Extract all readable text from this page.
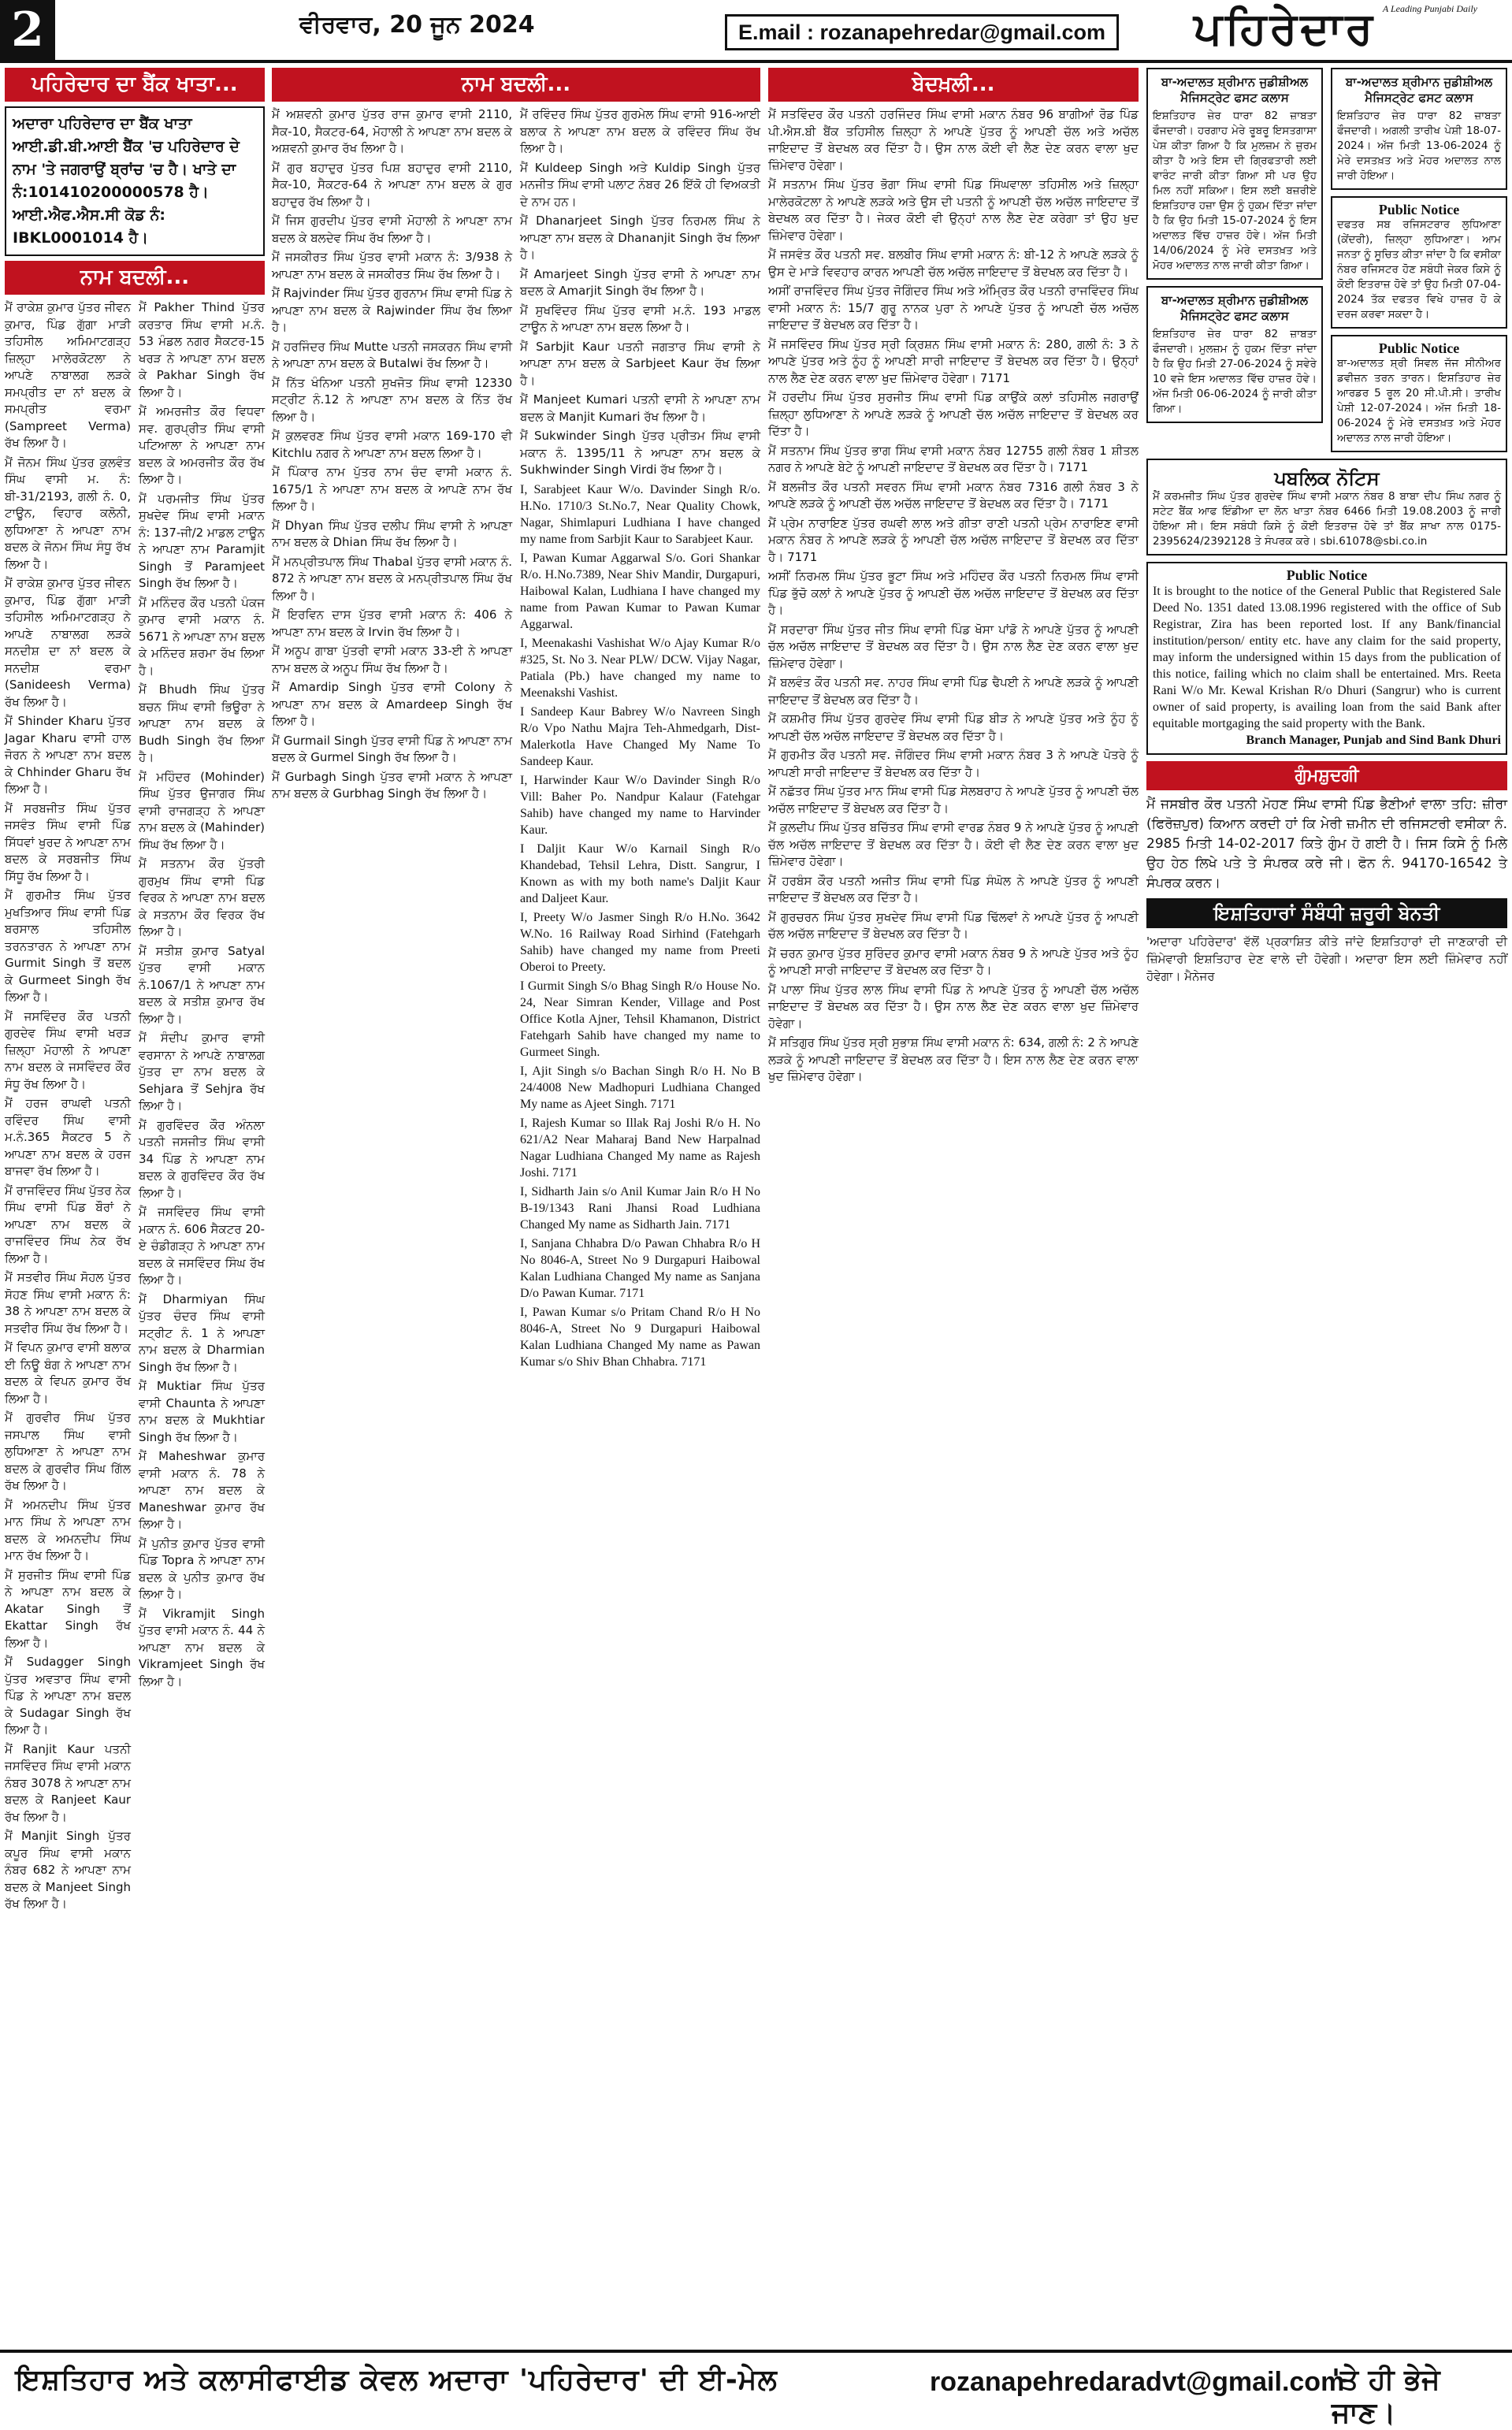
2	ਵੀਰਵਾਰ, 20 ਜੂਨ 2024	E.mail : rozanapehredar@gmail.com
A Leading Punjabi Daily
ਪਹਿਰੇਦਾਰ
ਪਹਿਰੇਦਾਰ ਦਾ ਬੈਂਕ ਖਾਤਾ...
ਅਦਾਰਾ ਪਹਿਰੇਦਾਰ ਦਾ ਬੈਂਕ ਖਾਤਾ ਆਈ.ਡੀ.ਬੀ.ਆਈ ਬੈਂਕ 'ਚ ਪਹਿਰੇਦਾਰ ਦੇ ਨਾਮ 'ਤੇ ਜਗਰਾਉਂ ਬ੍ਰਾਂਚ 'ਚ ਹੈ। ਖਾਤੇ ਦਾ ਨੰ:101410200000578 ਹੈ। ਆਈ.ਐਫ.ਐਸ.ਸੀ ਕੋਡ ਨੰ: IBKL0001014 ਹੈ।
ਨਾਮ ਬਦਲੀ...

ਮੈਂ ਰਾਕੇਸ਼ ਕੁਮਾਰ ਪੁੱਤਰ ਜੀਵਨ ਕੁਮਾਰ, ਪਿੰਡ ਗੁੱਗਾ ਮਾੜੀ ਤਹਿਸੀਲ ਅਮਿਮਾਟਗੜ੍ਹ ਜ਼ਿਲ੍ਹਾ ਮਾਲੇਰਕੋਟਲਾ ਨੇ ਆਪਣੇ ਨਾਬਾਲਗ ਲੜਕੇ ਸਮਪ੍ਰੀਤ ਦਾ ਨਾਂ ਬਦਲ ਕੇ ਸਮਪ੍ਰੀਤ ਵਰਮਾ (Sampreet Verma) ਰੱਖ ਲਿਆ ਹੈ।

ਮੈਂ ਜੋਨਮ ਸਿੰਘ ਪੁੱਤਰ ਕੁਲਵੰਤ ਸਿੰਘ ਵਾਸੀ ਮ. ਨੰ: ਬੀ-31/2193, ਗਲੀ ਨੰ. 0, ਟਾਊਨ, ਵਿਹਾਰ ਕਲੋਨੀ, ਲੁਧਿਆਣਾ ਨੇ ਆਪਣਾ ਨਾਮ ਬਦਲ ਕੇ ਜੋਨਮ ਸਿੰਘ ਸੰਧੂ ਰੱਖ ਲਿਆ ਹੈ।

ਮੈਂ ਰਾਕੇਸ਼ ਕੁਮਾਰ ਪੁੱਤਰ ਜੀਵਨ ਕੁਮਾਰ, ਪਿੰਡ ਗੁੱਗਾ ਮਾੜੀ ਤਹਿਸੀਲ ਅਮਿਮਾਟਗੜ੍ਹ ਨੇ ਆਪਣੇ ਨਾਬਾਲਗ ਲੜਕੇ ਸਨਦੀਸ਼ ਦਾ ਨਾਂ ਬਦਲ ਕੇ ਸਨਦੀਸ਼ ਵਰਮਾ (Sanideesh Verma) ਰੱਖ ਲਿਆ ਹੈ।

ਮੈਂ Shinder Kharu ਪੁੱਤਰ Jagar Kharu ਵਾਸੀ ਹਾਲ ਜੋਰਨ ਨੇ ਆਪਣਾ ਨਾਮ ਬਦਲ ਕੇ Chhinder Gharu ਰੱਖ ਲਿਆ ਹੈ।

ਮੈਂ ਸਰਬਜੀਤ ਸਿੰਘ ਪੁੱਤਰ ਜਸਵੰਤ ਸਿੰਘ ਵਾਸੀ ਪਿੰਡ ਸਿੱਧਵਾਂ ਖੁਰਦ ਨੇ ਆਪਣਾ ਨਾਮ ਬਦਲ ਕੇ ਸਰਬਜੀਤ ਸਿੰਘ ਸਿੱਧੂ ਰੱਖ ਲਿਆ ਹੈ।

ਮੈਂ ਗੁਰਮੀਤ ਸਿੰਘ ਪੁੱਤਰ ਮੁਖਤਿਆਰ ਸਿੰਘ ਵਾਸੀ ਪਿੰਡ ਬਰਸਾਲ ਤਹਿਸੀਲ ਤਰਨਤਾਰਨ ਨੇ ਆਪਣਾ ਨਾਮ Gurmit Singh ਤੋਂ ਬਦਲ ਕੇ Gurmeet Singh ਰੱਖ ਲਿਆ ਹੈ।

ਮੈਂ ਜਸਵਿੰਦਰ ਕੌਰ ਪਤਨੀ ਗੁਰਦੇਵ ਸਿੰਘ ਵਾਸੀ ਖਰੜ ਜ਼ਿਲ੍ਹਾ ਮੋਹਾਲੀ ਨੇ ਆਪਣਾ ਨਾਮ ਬਦਲ ਕੇ ਜਸਵਿੰਦਰ ਕੌਰ ਸੰਧੂ ਰੱਖ ਲਿਆ ਹੈ।

ਮੈਂ ਹਰਜ ਰਾਘਵੀ ਪਤਨੀ ਰਵਿੰਦਰ ਸਿੰਘ ਵਾਸੀ ਮ.ਨੰ.365 ਸੈਕਟਰ 5 ਨੇ ਆਪਣਾ ਨਾਮ ਬਦਲ ਕੇ ਹਰਜ ਬਾਜਵਾ ਰੱਖ ਲਿਆ ਹੈ।

ਮੈਂ ਰਾਜਵਿੰਦਰ ਸਿੰਘ ਪੁੱਤਰ ਨੇਕ ਸਿੰਘ ਵਾਸੀ ਪਿੰਡ ਬੌਰਾਂ ਨੇ ਆਪਣਾ ਨਾਮ ਬਦਲ ਕੇ ਰਾਜਵਿੰਦਰ ਸਿੰਘ ਨੇਕ ਰੱਖ ਲਿਆ ਹੈ।

ਮੈਂ ਸਤਵੀਰ ਸਿੰਘ ਸੋਹਲ ਪੁੱਤਰ ਸੋਹਣ ਸਿੰਘ ਵਾਸੀ ਮਕਾਨ ਨੰ: 38 ਨੇ ਆਪਣਾ ਨਾਮ ਬਦਲ ਕੇ ਸਤਵੀਰ ਸਿੰਘ ਰੱਖ ਲਿਆ ਹੈ।

ਮੈਂ ਵਿਪਨ ਕੁਮਾਰ ਵਾਸੀ ਬਲਾਕ ਈ ਨਿਊ ਬੰਗ ਨੇ ਆਪਣਾ ਨਾਮ ਬਦਲ ਕੇ ਵਿਪਨ ਕੁਮਾਰ ਰੱਖ ਲਿਆ ਹੈ।

ਮੈਂ ਗੁਰਵੀਰ ਸਿੰਘ ਪੁੱਤਰ ਜਸਪਾਲ ਸਿੰਘ ਵਾਸੀ ਲੁਧਿਆਣਾ ਨੇ ਆਪਣਾ ਨਾਮ ਬਦਲ ਕੇ ਗੁਰਵੀਰ ਸਿੰਘ ਗਿੱਲ ਰੱਖ ਲਿਆ ਹੈ।

ਮੈਂ ਅਮਨਦੀਪ ਸਿੰਘ ਪੁੱਤਰ ਮਾਨ ਸਿੰਘ ਨੇ ਆਪਣਾ ਨਾਮ ਬਦਲ ਕੇ ਅਮਨਦੀਪ ਸਿੰਘ ਮਾਨ ਰੱਖ ਲਿਆ ਹੈ।

ਮੈਂ ਸੁਰਜੀਤ ਸਿੰਘ ਵਾਸੀ ਪਿੰਡ ਨੇ ਆਪਣਾ ਨਾਮ ਬਦਲ ਕੇ Akatar Singh ਤੋਂ Ekattar Singh ਰੱਖ ਲਿਆ ਹੈ।

ਮੈਂ Sudagger Singh ਪੁੱਤਰ ਅਵਤਾਰ ਸਿੰਘ ਵਾਸੀ ਪਿੰਡ ਨੇ ਆਪਣਾ ਨਾਮ ਬਦਲ ਕੇ Sudagar Singh ਰੱਖ ਲਿਆ ਹੈ।

ਮੈਂ Ranjit Kaur ਪਤਨੀ ਜਸਵਿੰਦਰ ਸਿੰਘ ਵਾਸੀ ਮਕਾਨ ਨੰਬਰ 3078 ਨੇ ਆਪਣਾ ਨਾਮ ਬਦਲ ਕੇ Ranjeet Kaur ਰੱਖ ਲਿਆ ਹੈ।

ਮੈਂ Manjit Singh ਪੁੱਤਰ ਕਪੂਰ ਸਿੰਘ ਵਾਸੀ ਮਕਾਨ ਨੰਬਰ 682 ਨੇ ਆਪਣਾ ਨਾਮ ਬਦਲ ਕੇ Manjeet Singh ਰੱਖ ਲਿਆ ਹੈ।

ਮੈਂ Pakher Thind ਪੁੱਤਰ ਕਰਤਾਰ ਸਿੰਘ ਵਾਸੀ ਮ.ਨੰ. 53 ਮੰਡਲ ਨਗਰ ਸੈਕਟਰ-15 ਖਰੜ ਨੇ ਆਪਣਾ ਨਾਮ ਬਦਲ ਕੇ Pakhar Singh ਰੱਖ ਲਿਆ ਹੈ।

ਮੈਂ ਅਮਰਜੀਤ ਕੌਰ ਵਿਧਵਾ ਸਵ. ਗੁਰਪ੍ਰੀਤ ਸਿੰਘ ਵਾਸੀ ਪਟਿਆਲਾ ਨੇ ਆਪਣਾ ਨਾਮ ਬਦਲ ਕੇ ਅਮਰਜੀਤ ਕੌਰ ਰੱਖ ਲਿਆ ਹੈ।

ਮੈਂ ਪਰਮਜੀਤ ਸਿੰਘ ਪੁੱਤਰ ਸੁਖਦੇਵ ਸਿੰਘ ਵਾਸੀ ਮਕਾਨ ਨੰ: 137-ਜੀ/2 ਮਾਡਲ ਟਾਊਨ ਨੇ ਆਪਣਾ ਨਾਮ Paramjit Singh ਤੋਂ Paramjeet Singh ਰੱਖ ਲਿਆ ਹੈ।

ਮੈਂ ਮਨਿੰਦਰ ਕੌਰ ਪਤਨੀ ਪੰਕਜ ਕੁਮਾਰ ਵਾਸੀ ਮਕਾਨ ਨੰ. 5671 ਨੇ ਆਪਣਾ ਨਾਮ ਬਦਲ ਕੇ ਮਨਿੰਦਰ ਸ਼ਰਮਾ ਰੱਖ ਲਿਆ ਹੈ।

ਮੈਂ Bhudh ਸਿੰਘ ਪੁੱਤਰ ਬਚਨ ਸਿੰਘ ਵਾਸੀ ਭਿਊਰਾ ਨੇ ਆਪਣਾ ਨਾਮ ਬਦਲ ਕੇ Budh Singh ਰੱਖ ਲਿਆ ਹੈ।

ਮੈਂ ਮਹਿੰਦਰ (Mohinder) ਸਿੰਘ ਪੁੱਤਰ ਉਜਾਗਰ ਸਿੰਘ ਵਾਸੀ ਰਾਜਗੜ੍ਹ ਨੇ ਆਪਣਾ ਨਾਮ ਬਦਲ ਕੇ (Mahinder) ਸਿੰਘ ਰੱਖ ਲਿਆ ਹੈ।

ਮੈਂ ਸਤਨਾਮ ਕੌਰ ਪੁੱਤਰੀ ਗੁਰਮੁਖ ਸਿੰਘ ਵਾਸੀ ਪਿੰਡ ਵਿਰਕ ਨੇ ਆਪਣਾ ਨਾਮ ਬਦਲ ਕੇ ਸਤਨਾਮ ਕੌਰ ਵਿਰਕ ਰੱਖ ਲਿਆ ਹੈ।

ਮੈਂ ਸਤੀਸ਼ ਕੁਮਾਰ Satyal ਪੁੱਤਰ ਵਾਸੀ ਮਕਾਨ ਨੰ.1067/1 ਨੇ ਆਪਣਾ ਨਾਮ ਬਦਲ ਕੇ ਸਤੀਸ਼ ਕੁਮਾਰ ਰੱਖ ਲਿਆ ਹੈ।

ਮੈਂ ਸੰਦੀਪ ਕੁਮਾਰ ਵਾਸੀ ਵਰਸਾਨਾ ਨੇ ਆਪਣੇ ਨਾਬਾਲਗ ਪੁੱਤਰ ਦਾ ਨਾਮ ਬਦਲ ਕੇ Sehjara ਤੋਂ Sehjra ਰੱਖ ਲਿਆ ਹੈ।

ਮੈਂ ਗੁਰਵਿੰਦਰ ਕੌਰ ਅੰਨਲਾ ਪਤਨੀ ਜਸਜੀਤ ਸਿੰਘ ਵਾਸੀ 34 ਪਿੰਡ ਨੇ ਆਪਣਾ ਨਾਮ ਬਦਲ ਕੇ ਗੁਰਵਿੰਦਰ ਕੌਰ ਰੱਖ ਲਿਆ ਹੈ।

ਮੈਂ ਜਸਵਿੰਦਰ ਸਿੰਘ ਵਾਸੀ ਮਕਾਨ ਨੰ. 606 ਸੈਕਟਰ 20-ਏ ਚੰਡੀਗੜ੍ਹ ਨੇ ਆਪਣਾ ਨਾਮ ਬਦਲ ਕੇ ਜਸਵਿੰਦਰ ਸਿੰਘ ਰੱਖ ਲਿਆ ਹੈ।

ਮੈਂ Dharmiyan ਸਿੰਘ ਪੁੱਤਰ ਚੰਦਰ ਸਿੰਘ ਵਾਸੀ ਸਟ੍ਰੀਟ ਨੰ. 1 ਨੇ ਆਪਣਾ ਨਾਮ ਬਦਲ ਕੇ Dharmian Singh ਰੱਖ ਲਿਆ ਹੈ।

ਮੈਂ Muktiar ਸਿੰਘ ਪੁੱਤਰ ਵਾਸੀ Chaunta ਨੇ ਆਪਣਾ ਨਾਮ ਬਦਲ ਕੇ Mukhtiar Singh ਰੱਖ ਲਿਆ ਹੈ।

ਮੈਂ Maheshwar ਕੁਮਾਰ ਵਾਸੀ ਮਕਾਨ ਨੰ. 78 ਨੇ ਆਪਣਾ ਨਾਮ ਬਦਲ ਕੇ Maneshwar ਕੁਮਾਰ ਰੱਖ ਲਿਆ ਹੈ।

ਮੈਂ ਪੁਨੀਤ ਕੁਮਾਰ ਪੁੱਤਰ ਵਾਸੀ ਪਿੰਡ Topra ਨੇ ਆਪਣਾ ਨਾਮ ਬਦਲ ਕੇ ਪੁਨੀਤ ਕੁਮਾਰ ਰੱਖ ਲਿਆ ਹੈ।

ਮੈਂ Vikramjit Singh ਪੁੱਤਰ ਵਾਸੀ ਮਕਾਨ ਨੰ. 44 ਨੇ ਆਪਣਾ ਨਾਮ ਬਦਲ ਕੇ Vikramjeet Singh ਰੱਖ ਲਿਆ ਹੈ।

ਨਾਮ ਬਦਲੀ...

ਮੈਂ ਅਸ਼ਵਨੀ ਕੁਮਾਰ ਪੁੱਤਰ ਰਾਜ ਕੁਮਾਰ ਵਾਸੀ 2110, ਸੈਕ-10, ਸੈਕਟਰ-64, ਮੋਹਾਲੀ ਨੇ ਆਪਣਾ ਨਾਮ ਬਦਲ ਕੇ ਅਸ਼ਵਨੀ ਕੁਮਾਰ ਰੱਖ ਲਿਆ ਹੈ।

ਮੈਂ ਗੁਰ ਬਹਾਦੁਰ ਪੁੱਤਰ ਪਿਸ਼ ਬਹਾਦੁਰ ਵਾਸੀ 2110, ਸੈਕ-10, ਸੈਕਟਰ-64 ਨੇ ਆਪਣਾ ਨਾਮ ਬਦਲ ਕੇ ਗੁਰ ਬਹਾਦੁਰ ਰੱਖ ਲਿਆ ਹੈ।

ਮੈਂ ਜਿਸ ਗੁਰਦੀਪ ਪੁੱਤਰ ਵਾਸੀ ਮੋਹਾਲੀ ਨੇ ਆਪਣਾ ਨਾਮ ਬਦਲ ਕੇ ਬਲਦੇਵ ਸਿੰਘ ਰੱਖ ਲਿਆ ਹੈ।

ਮੈਂ ਜਸਕੀਰਤ ਸਿੰਘ ਪੁੱਤਰ ਵਾਸੀ ਮਕਾਨ ਨੰ: 3/938 ਨੇ ਆਪਣਾ ਨਾਮ ਬਦਲ ਕੇ ਜਸਕੀਰਤ ਸਿੰਘ ਰੱਖ ਲਿਆ ਹੈ।

ਮੈਂ Rajvinder ਸਿੰਘ ਪੁੱਤਰ ਗੁਰਨਾਮ ਸਿੰਘ ਵਾਸੀ ਪਿੰਡ ਨੇ ਆਪਣਾ ਨਾਮ ਬਦਲ ਕੇ Rajwinder ਸਿੰਘ ਰੱਖ ਲਿਆ ਹੈ।

ਮੈਂ ਹਰਜਿੰਦਰ ਸਿੰਘ Mutte ਪਤਨੀ ਜਸਕਰਨ ਸਿੰਘ ਵਾਸੀ ਨੇ ਆਪਣਾ ਨਾਮ ਬਦਲ ਕੇ Butalwi ਰੱਖ ਲਿਆ ਹੈ।

ਮੈਂ ਨਿੱਤ ਖੰਨਿਆ ਪਤਨੀ ਸੁਖਜੋਤ ਸਿੰਘ ਵਾਸੀ 12330 ਸਟ੍ਰੀਟ ਨੰ.12 ਨੇ ਆਪਣਾ ਨਾਮ ਬਦਲ ਕੇ ਨਿੱਤ ਰੱਖ ਲਿਆ ਹੈ।

ਮੈਂ ਕੁਲਵਰਣ ਸਿੰਘ ਪੁੱਤਰ ਵਾਸੀ ਮਕਾਨ 169-170 ਵੀ Kitchlu ਨਗਰ ਨੇ ਆਪਣਾ ਨਾਮ ਬਦਲ ਲਿਆ ਹੈ।

ਮੈਂ ਪਿੰਕਾਰ ਨਾਮ ਪੁੱਤਰ ਨਾਮ ਚੰਦ ਵਾਸੀ ਮਕਾਨ ਨੰ. 1675/1 ਨੇ ਆਪਣਾ ਨਾਮ ਬਦਲ ਕੇ ਆਪਣੇ ਨਾਮ ਰੱਖ ਲਿਆ ਹੈ।

ਮੈਂ Dhyan ਸਿੰਘ ਪੁੱਤਰ ਦਲੀਪ ਸਿੰਘ ਵਾਸੀ ਨੇ ਆਪਣਾ ਨਾਮ ਬਦਲ ਕੇ Dhian ਸਿੰਘ ਰੱਖ ਲਿਆ ਹੈ।

ਮੈਂ ਮਨਪ੍ਰੀਤਪਾਲ ਸਿੰਘ Thabal ਪੁੱਤਰ ਵਾਸੀ ਮਕਾਨ ਨੰ. 872 ਨੇ ਆਪਣਾ ਨਾਮ ਬਦਲ ਕੇ ਮਨਪ੍ਰੀਤਪਾਲ ਸਿੰਘ ਰੱਖ ਲਿਆ ਹੈ।

ਮੈਂ ਇਰਵਿਨ ਦਾਸ ਪੁੱਤਰ ਵਾਸੀ ਮਕਾਨ ਨੰ: 406 ਨੇ ਆਪਣਾ ਨਾਮ ਬਦਲ ਕੇ Irvin ਰੱਖ ਲਿਆ ਹੈ।

ਮੈਂ ਅਨੂਪ ਗਾਬਾ ਪੁੱਤਰੀ ਵਾਸੀ ਮਕਾਨ 33-ਈ ਨੇ ਆਪਣਾ ਨਾਮ ਬਦਲ ਕੇ ਅਨੂਪ ਸਿੰਘ ਰੱਖ ਲਿਆ ਹੈ।

ਮੈਂ Amardip Singh ਪੁੱਤਰ ਵਾਸੀ Colony ਨੇ ਆਪਣਾ ਨਾਮ ਬਦਲ ਕੇ Amardeep Singh ਰੱਖ ਲਿਆ ਹੈ।

ਮੈਂ Gurmail Singh ਪੁੱਤਰ ਵਾਸੀ ਪਿੰਡ ਨੇ ਆਪਣਾ ਨਾਮ ਬਦਲ ਕੇ Gurmel Singh ਰੱਖ ਲਿਆ ਹੈ।

ਮੈਂ Gurbagh Singh ਪੁੱਤਰ ਵਾਸੀ ਮਕਾਨ ਨੇ ਆਪਣਾ ਨਾਮ ਬਦਲ ਕੇ Gurbhag Singh ਰੱਖ ਲਿਆ ਹੈ।

ਮੈਂ ਰਵਿੰਦਰ ਸਿੰਘ ਪੁੱਤਰ ਗੁਰਮੇਲ ਸਿੰਘ ਵਾਸੀ 916-ਆਈ ਬਲਾਕ ਨੇ ਆਪਣਾ ਨਾਮ ਬਦਲ ਕੇ ਰਵਿੰਦਰ ਸਿੰਘ ਰੱਖ ਲਿਆ ਹੈ।

ਮੈਂ Kuldeep Singh ਅਤੇ Kuldip Singh ਪੁੱਤਰ ਮਨਜੀਤ ਸਿੰਘ ਵਾਸੀ ਪਲਾਟ ਨੰਬਰ 26 ਇੱਕੋ ਹੀ ਵਿਅਕਤੀ ਦੇ ਨਾਮ ਹਨ।

ਮੈਂ Dhanarjeet Singh ਪੁੱਤਰ ਨਿਰਮਲ ਸਿੰਘ ਨੇ ਆਪਣਾ ਨਾਮ ਬਦਲ ਕੇ Dhananjit Singh ਰੱਖ ਲਿਆ ਹੈ।

ਮੈਂ Amarjeet Singh ਪੁੱਤਰ ਵਾਸੀ ਨੇ ਆਪਣਾ ਨਾਮ ਬਦਲ ਕੇ Amarjit Singh ਰੱਖ ਲਿਆ ਹੈ।

ਮੈਂ ਸੁਖਵਿੰਦਰ ਸਿੰਘ ਪੁੱਤਰ ਵਾਸੀ ਮ.ਨੰ. 193 ਮਾਡਲ ਟਾਊਨ ਨੇ ਆਪਣਾ ਨਾਮ ਬਦਲ ਲਿਆ ਹੈ।

ਮੈਂ Sarbjit Kaur ਪਤਨੀ ਜਗਤਾਰ ਸਿੰਘ ਵਾਸੀ ਨੇ ਆਪਣਾ ਨਾਮ ਬਦਲ ਕੇ Sarbjeet Kaur ਰੱਖ ਲਿਆ ਹੈ।

ਮੈਂ Manjeet Kumari ਪਤਨੀ ਵਾਸੀ ਨੇ ਆਪਣਾ ਨਾਮ ਬਦਲ ਕੇ Manjit Kumari ਰੱਖ ਲਿਆ ਹੈ।

ਮੈਂ Sukwinder Singh ਪੁੱਤਰ ਪ੍ਰੀਤਮ ਸਿੰਘ ਵਾਸੀ ਮਕਾਨ ਨੰ. 1395/11 ਨੇ ਆਪਣਾ ਨਾਮ ਬਦਲ ਕੇ Sukhwinder Singh Virdi ਰੱਖ ਲਿਆ ਹੈ।

I, Sarabjeet Kaur W/o. Davinder Singh R/o. H.No. 1710/3 St.No.7, Near Quality Chowk, Nagar, Shimlapuri Ludhiana I have changed my name from Sarbjit Kaur to Sarabjeet Kaur.

I, Pawan Kumar Aggarwal S/o. Gori Shankar R/o. H.No.7389, Near Shiv Mandir, Durgapuri, Haibowal Kalan, Ludhiana I have changed my name from Pawan Kumar to Pawan Kumar Aggarwal.

I, Meenakashi Vashishat W/o Ajay Kumar R/o #325, St. No 3. Near PLW/ DCW. Vijay Nagar, Patiala (Pb.) have changed my name to Meenakshi Vashist.

I Sandeep Kaur Babrey W/o Navreen Singh R/o Vpo Nathu Majra Teh-Ahmedgarh, Dist-Malerkotla Have Changed My Name To Sandeep Kaur.

I, Harwinder Kaur W/o Davinder Singh R/o Vill: Baher Po. Nandpur Kalaur (Fatehgar Sahib) have changed my name to Harvinder Kaur.

I Daljit Kaur W/o Karnail Singh R/o Khandebad, Tehsil Lehra, Distt. Sangrur, I Known as with my both name's Daljit Kaur and Daljeet Kaur.

I, Preety W/o Jasmer Singh R/o H.No. 3642 W.No. 16 Railway Road Sirhind (Fatehgarh Sahib) have changed my name from Preeti Oberoi to Preety.

I Gurmit Singh S/o Bhag Singh R/o House No. 24, Near Simran Kender, Village and Post Office Kotla Ajner, Tehsil Khamanon, District Fatehgarh Sahib have changed my name to Gurmeet Singh.

I, Ajit Singh s/o Bachan Singh R/o H. No B 24/4008 New Madhopuri Ludhiana Changed My name as Ajeet Singh. 7171

I, Rajesh Kumar so Illak Raj Joshi R/o H. No 621/A2 Near Maharaj Band New Harpalnad Nagar Ludhiana Changed My name as Rajesh Joshi. 7171

I, Sidharth Jain s/o Anil Kumar Jain R/o H No B-19/1343 Rani Jhansi Road Ludhiana Changed My name as Sidharth Jain. 7171

I, Sanjana Chhabra D/o Pawan Chhabra R/o H No 8046-A, Street No 9 Durgapuri Haibowal Kalan Ludhiana Changed My name as Sanjana D/o Pawan Kumar. 7171

I, Pawan Kumar s/o Pritam Chand R/o H No 8046-A, Street No 9 Durgapuri Haibowal Kalan Ludhiana Changed My name as Pawan Kumar s/o Shiv Bhan Chhabra. 7171

ਬੇਦਖ਼ਲੀ...

ਮੈਂ ਸਤਵਿੰਦਰ ਕੌਰ ਪਤਨੀ ਹਰਜਿੰਦਰ ਸਿੰਘ ਵਾਸੀ ਮਕਾਨ ਨੰਬਰ 96 ਬਾਗੀਆਂ ਰੋਡ ਪਿੰਡ ਪੀ.ਐਸ.ਬੀ ਬੈਂਕ ਤਹਿਸੀਲ ਜ਼ਿਲ੍ਹਾ ਨੇ ਆਪਣੇ ਪੁੱਤਰ ਨੂੰ ਆਪਣੀ ਚੱਲ ਅਤੇ ਅਚੱਲ ਜਾਇਦਾਦ ਤੋਂ ਬੇਦਖਲ ਕਰ ਦਿੱਤਾ ਹੈ। ਉਸ ਨਾਲ ਕੋਈ ਵੀ ਲੈਣ ਦੇਣ ਕਰਨ ਵਾਲਾ ਖੁਦ ਜ਼ਿੰਮੇਵਾਰ ਹੋਵੇਗਾ।

ਮੈਂ ਸਤਨਾਮ ਸਿੰਘ ਪੁੱਤਰ ਭੋਗਾ ਸਿੰਘ ਵਾਸੀ ਪਿੰਡ ਸਿੰਘਵਾਲਾ ਤਹਿਸੀਲ ਅਤੇ ਜ਼ਿਲ੍ਹਾ ਮਾਲੇਰਕੋਟਲਾ ਨੇ ਆਪਣੇ ਲੜਕੇ ਅਤੇ ਉਸ ਦੀ ਪਤਨੀ ਨੂੰ ਆਪਣੀ ਚੱਲ ਅਚੱਲ ਜਾਇਦਾਦ ਤੋਂ ਬੇਦਖਲ ਕਰ ਦਿੱਤਾ ਹੈ। ਜੇਕਰ ਕੋਈ ਵੀ ਉਨ੍ਹਾਂ ਨਾਲ ਲੈਣ ਦੇਣ ਕਰੇਗਾ ਤਾਂ ਉਹ ਖੁਦ ਜ਼ਿੰਮੇਵਾਰ ਹੋਵੇਗਾ।

ਮੈਂ ਜਸਵੰਤ ਕੌਰ ਪਤਨੀ ਸਵ. ਬਲਬੀਰ ਸਿੰਘ ਵਾਸੀ ਮਕਾਨ ਨੰ: ਬੀ-12 ਨੇ ਆਪਣੇ ਲੜਕੇ ਨੂੰ ਉਸ ਦੇ ਮਾੜੇ ਵਿਵਹਾਰ ਕਾਰਨ ਆਪਣੀ ਚੱਲ ਅਚੱਲ ਜਾਇਦਾਦ ਤੋਂ ਬੇਦਖਲ ਕਰ ਦਿੱਤਾ ਹੈ।

ਅਸੀਂ ਰਾਜਵਿੰਦਰ ਸਿੰਘ ਪੁੱਤਰ ਜੋਗਿੰਦਰ ਸਿੰਘ ਅਤੇ ਅੰਮ੍ਰਿਤ ਕੌਰ ਪਤਨੀ ਰਾਜਵਿੰਦਰ ਸਿੰਘ ਵਾਸੀ ਮਕਾਨ ਨੰ: 15/7 ਗੁਰੂ ਨਾਨਕ ਪੁਰਾ ਨੇ ਆਪਣੇ ਪੁੱਤਰ ਨੂੰ ਆਪਣੀ ਚੱਲ ਅਚੱਲ ਜਾਇਦਾਦ ਤੋਂ ਬੇਦਖਲ ਕਰ ਦਿੱਤਾ ਹੈ।

ਮੈਂ ਜਸਵਿੰਦਰ ਸਿੰਘ ਪੁੱਤਰ ਸ੍ਰੀ ਕ੍ਰਿਸ਼ਨ ਸਿੰਘ ਵਾਸੀ ਮਕਾਨ ਨੰ: 280, ਗਲੀ ਨੰ: 3 ਨੇ ਆਪਣੇ ਪੁੱਤਰ ਅਤੇ ਨੂੰਹ ਨੂੰ ਆਪਣੀ ਸਾਰੀ ਜਾਇਦਾਦ ਤੋਂ ਬੇਦਖਲ ਕਰ ਦਿੱਤਾ ਹੈ। ਉਨ੍ਹਾਂ ਨਾਲ ਲੈਣ ਦੇਣ ਕਰਨ ਵਾਲਾ ਖੁਦ ਜ਼ਿੰਮੇਵਾਰ ਹੋਵੇਗਾ। 7171

ਮੈਂ ਹਰਦੀਪ ਸਿੰਘ ਪੁੱਤਰ ਸੁਰਜੀਤ ਸਿੰਘ ਵਾਸੀ ਪਿੰਡ ਕਾਉਂਕੇ ਕਲਾਂ ਤਹਿਸੀਲ ਜਗਰਾਉਂ ਜ਼ਿਲ੍ਹਾ ਲੁਧਿਆਣਾ ਨੇ ਆਪਣੇ ਲੜਕੇ ਨੂੰ ਆਪਣੀ ਚੱਲ ਅਚੱਲ ਜਾਇਦਾਦ ਤੋਂ ਬੇਦਖਲ ਕਰ ਦਿੱਤਾ ਹੈ।

ਮੈਂ ਸਤਨਾਮ ਸਿੰਘ ਪੁੱਤਰ ਭਾਗ ਸਿੰਘ ਵਾਸੀ ਮਕਾਨ ਨੰਬਰ 12755 ਗਲੀ ਨੰਬਰ 1 ਸ਼ੀਤਲ ਨਗਰ ਨੇ ਆਪਣੇ ਬੇਟੇ ਨੂੰ ਆਪਣੀ ਜਾਇਦਾਦ ਤੋਂ ਬੇਦਖਲ ਕਰ ਦਿੱਤਾ ਹੈ। 7171

ਮੈਂ ਬਲਜੀਤ ਕੌਰ ਪਤਨੀ ਸਵਰਨ ਸਿੰਘ ਵਾਸੀ ਮਕਾਨ ਨੰਬਰ 7316 ਗਲੀ ਨੰਬਰ 3 ਨੇ ਆਪਣੇ ਲੜਕੇ ਨੂੰ ਆਪਣੀ ਚੱਲ ਅਚੱਲ ਜਾਇਦਾਦ ਤੋਂ ਬੇਦਖਲ ਕਰ ਦਿੱਤਾ ਹੈ। 7171

ਮੈਂ ਪ੍ਰੇਮ ਨਾਰਾਇਣ ਪੁੱਤਰ ਰਘਵੀ ਲਾਲ ਅਤੇ ਗੀਤਾ ਰਾਣੀ ਪਤਨੀ ਪ੍ਰੇਮ ਨਾਰਾਇਣ ਵਾਸੀ ਮਕਾਨ ਨੰਬਰ ਨੇ ਆਪਣੇ ਲੜਕੇ ਨੂੰ ਆਪਣੀ ਚੱਲ ਅਚੱਲ ਜਾਇਦਾਦ ਤੋਂ ਬੇਦਖਲ ਕਰ ਦਿੱਤਾ ਹੈ। 7171

ਅਸੀਂ ਨਿਰਮਲ ਸਿੰਘ ਪੁੱਤਰ ਭੂਟਾ ਸਿੰਘ ਅਤੇ ਮਹਿੰਦਰ ਕੌਰ ਪਤਨੀ ਨਿਰਮਲ ਸਿੰਘ ਵਾਸੀ ਪਿੰਡ ਭੁੱਚੋ ਕਲਾਂ ਨੇ ਆਪਣੇ ਪੁੱਤਰ ਨੂੰ ਆਪਣੀ ਚੱਲ ਅਚੱਲ ਜਾਇਦਾਦ ਤੋਂ ਬੇਦਖਲ ਕਰ ਦਿੱਤਾ ਹੈ।

ਮੈਂ ਸਰਦਾਰਾ ਸਿੰਘ ਪੁੱਤਰ ਜੀਤ ਸਿੰਘ ਵਾਸੀ ਪਿੰਡ ਖੋਸਾ ਪਾਂਡੋ ਨੇ ਆਪਣੇ ਪੁੱਤਰ ਨੂੰ ਆਪਣੀ ਚੱਲ ਅਚੱਲ ਜਾਇਦਾਦ ਤੋਂ ਬੇਦਖਲ ਕਰ ਦਿੱਤਾ ਹੈ। ਉਸ ਨਾਲ ਲੈਣ ਦੇਣ ਕਰਨ ਵਾਲਾ ਖੁਦ ਜ਼ਿੰਮੇਵਾਰ ਹੋਵੇਗਾ।

ਮੈਂ ਬਲਵੰਤ ਕੌਰ ਪਤਨੀ ਸਵ. ਨਾਹਰ ਸਿੰਘ ਵਾਸੀ ਪਿੰਡ ਢੈਪਈ ਨੇ ਆਪਣੇ ਲੜਕੇ ਨੂੰ ਆਪਣੀ ਜਾਇਦਾਦ ਤੋਂ ਬੇਦਖਲ ਕਰ ਦਿੱਤਾ ਹੈ।

ਮੈਂ ਕਸ਼ਮੀਰ ਸਿੰਘ ਪੁੱਤਰ ਗੁਰਦੇਵ ਸਿੰਘ ਵਾਸੀ ਪਿੰਡ ਬੀੜ ਨੇ ਆਪਣੇ ਪੁੱਤਰ ਅਤੇ ਨੂੰਹ ਨੂੰ ਆਪਣੀ ਚੱਲ ਅਚੱਲ ਜਾਇਦਾਦ ਤੋਂ ਬੇਦਖਲ ਕਰ ਦਿੱਤਾ ਹੈ।

ਮੈਂ ਗੁਰਮੀਤ ਕੌਰ ਪਤਨੀ ਸਵ. ਜੋਗਿੰਦਰ ਸਿੰਘ ਵਾਸੀ ਮਕਾਨ ਨੰਬਰ 3 ਨੇ ਆਪਣੇ ਪੋਤਰੇ ਨੂੰ ਆਪਣੀ ਸਾਰੀ ਜਾਇਦਾਦ ਤੋਂ ਬੇਦਖਲ ਕਰ ਦਿੱਤਾ ਹੈ।

ਮੈਂ ਨਛੱਤਰ ਸਿੰਘ ਪੁੱਤਰ ਮਾਨ ਸਿੰਘ ਵਾਸੀ ਪਿੰਡ ਸੇਲਬਰਾਹ ਨੇ ਆਪਣੇ ਪੁੱਤਰ ਨੂੰ ਆਪਣੀ ਚੱਲ ਅਚੱਲ ਜਾਇਦਾਦ ਤੋਂ ਬੇਦਖਲ ਕਰ ਦਿੱਤਾ ਹੈ।

ਮੈਂ ਕੁਲਦੀਪ ਸਿੰਘ ਪੁੱਤਰ ਬਚਿੱਤਰ ਸਿੰਘ ਵਾਸੀ ਵਾਰਡ ਨੰਬਰ 9 ਨੇ ਆਪਣੇ ਪੁੱਤਰ ਨੂੰ ਆਪਣੀ ਚੱਲ ਅਚੱਲ ਜਾਇਦਾਦ ਤੋਂ ਬੇਦਖਲ ਕਰ ਦਿੱਤਾ ਹੈ। ਕੋਈ ਵੀ ਲੈਣ ਦੇਣ ਕਰਨ ਵਾਲਾ ਖੁਦ ਜ਼ਿੰਮੇਵਾਰ ਹੋਵੇਗਾ।

ਮੈਂ ਹਰਬੰਸ ਕੌਰ ਪਤਨੀ ਅਜੀਤ ਸਿੰਘ ਵਾਸੀ ਪਿੰਡ ਸੰਘੋਲ ਨੇ ਆਪਣੇ ਪੁੱਤਰ ਨੂੰ ਆਪਣੀ ਜਾਇਦਾਦ ਤੋਂ ਬੇਦਖਲ ਕਰ ਦਿੱਤਾ ਹੈ।

ਮੈਂ ਗੁਰਚਰਨ ਸਿੰਘ ਪੁੱਤਰ ਸੁਖਦੇਵ ਸਿੰਘ ਵਾਸੀ ਪਿੰਡ ਢਿੱਲਵਾਂ ਨੇ ਆਪਣੇ ਪੁੱਤਰ ਨੂੰ ਆਪਣੀ ਚੱਲ ਅਚੱਲ ਜਾਇਦਾਦ ਤੋਂ ਬੇਦਖਲ ਕਰ ਦਿੱਤਾ ਹੈ।

ਮੈਂ ਚਰਨ ਕੁਮਾਰ ਪੁੱਤਰ ਸੁਰਿੰਦਰ ਕੁਮਾਰ ਵਾਸੀ ਮਕਾਨ ਨੰਬਰ 9 ਨੇ ਆਪਣੇ ਪੁੱਤਰ ਅਤੇ ਨੂੰਹ ਨੂੰ ਆਪਣੀ ਸਾਰੀ ਜਾਇਦਾਦ ਤੋਂ ਬੇਦਖਲ ਕਰ ਦਿੱਤਾ ਹੈ।

ਮੈਂ ਪਾਲਾ ਸਿੰਘ ਪੁੱਤਰ ਲਾਲ ਸਿੰਘ ਵਾਸੀ ਪਿੰਡ ਨੇ ਆਪਣੇ ਪੁੱਤਰ ਨੂੰ ਆਪਣੀ ਚੱਲ ਅਚੱਲ ਜਾਇਦਾਦ ਤੋਂ ਬੇਦਖਲ ਕਰ ਦਿੱਤਾ ਹੈ। ਉਸ ਨਾਲ ਲੈਣ ਦੇਣ ਕਰਨ ਵਾਲਾ ਖੁਦ ਜ਼ਿੰਮੇਵਾਰ ਹੋਵੇਗਾ।

ਮੈਂ ਸਤਿਗੁਰ ਸਿੰਘ ਪੁੱਤਰ ਸ੍ਰੀ ਸੁਭਾਸ਼ ਸਿੰਘ ਵਾਸੀ ਮਕਾਨ ਨੰ: 634, ਗਲੀ ਨੰ: 2 ਨੇ ਆਪਣੇ ਲੜਕੇ ਨੂੰ ਆਪਣੀ ਜਾਇਦਾਦ ਤੋਂ ਬੇਦਖਲ ਕਰ ਦਿੱਤਾ ਹੈ। ਇਸ ਨਾਲ ਲੈਣ ਦੇਣ ਕਰਨ ਵਾਲਾ ਖੁਦ ਜ਼ਿੰਮੇਵਾਰ ਹੋਵੇਗਾ।

ਬਾ-ਅਦਾਲਤ ਸ਼੍ਰੀਮਾਨ ਜੁਡੀਸ਼ੀਅਲ ਮੈਜਿਸਟ੍ਰੇਟ ਫਸਟ ਕਲਾਸ
ਇਸ਼ਤਿਹਾਰ ਜ਼ੇਰ ਧਾਰਾ 82 ਜ਼ਾਬਤਾ ਫੌਜਦਾਰੀ। ਹਰਗਾਹ ਮੇਰੇ ਰੂਬਰੂ ਇਸਤਗਾਸਾ ਪੇਸ਼ ਕੀਤਾ ਗਿਆ ਹੈ ਕਿ ਮੁਲਜ਼ਮ ਨੇ ਜ਼ੁਰਮ ਕੀਤਾ ਹੈ ਅਤੇ ਇਸ ਦੀ ਗ੍ਰਿਫਤਾਰੀ ਲਈ ਵਾਰੰਟ ਜਾਰੀ ਕੀਤਾ ਗਿਆ ਸੀ ਪਰ ਉਹ ਮਿਲ ਨਹੀਂ ਸਕਿਆ। ਇਸ ਲਈ ਬਜ਼ਰੀਏ ਇਸ਼ਤਿਹਾਰ ਹਜ਼ਾ ਉਸ ਨੂੰ ਹੁਕਮ ਦਿੱਤਾ ਜਾਂਦਾ ਹੈ ਕਿ ਉਹ ਮਿਤੀ 15-07-2024 ਨੂੰ ਇਸ ਅਦਾਲਤ ਵਿੱਚ ਹਾਜ਼ਰ ਹੋਵੇ। ਅੱਜ ਮਿਤੀ 14/06/2024 ਨੂੰ ਮੇਰੇ ਦਸਤਖ਼ਤ ਅਤੇ ਮੋਹਰ ਅਦਾਲਤ ਨਾਲ ਜਾਰੀ ਕੀਤਾ ਗਿਆ।
ਬਾ-ਅਦਾਲਤ ਸ਼੍ਰੀਮਾਨ ਜੁਡੀਸ਼ੀਅਲ ਮੈਜਿਸਟ੍ਰੇਟ ਫਸਟ ਕਲਾਸ
ਇਸ਼ਤਿਹਾਰ ਜ਼ੇਰ ਧਾਰਾ 82 ਜ਼ਾਬਤਾ ਫੌਜਦਾਰੀ। ਮੁਲਜ਼ਮ ਨੂੰ ਹੁਕਮ ਦਿੱਤਾ ਜਾਂਦਾ ਹੈ ਕਿ ਉਹ ਮਿਤੀ 27-06-2024 ਨੂੰ ਸਵੇਰੇ 10 ਵਜੇ ਇਸ ਅਦਾਲਤ ਵਿੱਚ ਹਾਜ਼ਰ ਹੋਵੇ। ਅੱਜ ਮਿਤੀ 06-06-2024 ਨੂੰ ਜਾਰੀ ਕੀਤਾ ਗਿਆ।
ਬਾ-ਅਦਾਲਤ ਸ਼੍ਰੀਮਾਨ ਜੁਡੀਸ਼ੀਅਲ ਮੈਜਿਸਟ੍ਰੇਟ ਫਸਟ ਕਲਾਸ
ਇਸ਼ਤਿਹਾਰ ਜ਼ੇਰ ਧਾਰਾ 82 ਜ਼ਾਬਤਾ ਫੌਜਦਾਰੀ। ਅਗਲੀ ਤਾਰੀਖ ਪੇਸ਼ੀ 18-07-2024। ਅੱਜ ਮਿਤੀ 13-06-2024 ਨੂੰ ਮੇਰੇ ਦਸਤਖ਼ਤ ਅਤੇ ਮੋਹਰ ਅਦਾਲਤ ਨਾਲ ਜਾਰੀ ਹੋਇਆ।
Public Notice
ਦਫਤਰ ਸਬ ਰਜਿਸਟਰਾਰ ਲੁਧਿਆਣਾ (ਕੇਂਦਰੀ), ਜ਼ਿਲ੍ਹਾ ਲੁਧਿਆਣਾ। ਆਮ ਜਨਤਾ ਨੂੰ ਸੂਚਿਤ ਕੀਤਾ ਜਾਂਦਾ ਹੈ ਕਿ ਵਸੀਕਾ ਨੰਬਰ ਰਜਿਸਟਰ ਹੋਣ ਸਬੰਧੀ ਜੇਕਰ ਕਿਸੇ ਨੂੰ ਕੋਈ ਇਤਰਾਜ਼ ਹੋਵੇ ਤਾਂ ਉਹ ਮਿਤੀ 07-04-2024 ਤੱਕ ਦਫਤਰ ਵਿਖੇ ਹਾਜ਼ਰ ਹੋ ਕੇ ਦਰਜ ਕਰਵਾ ਸਕਦਾ ਹੈ।
Public Notice
ਬਾ-ਅਦਾਲਤ ਸ਼੍ਰੀ ਸਿਵਲ ਜੱਜ ਸੀਨੀਅਰ ਡਵੀਜ਼ਨ ਤਰਨ ਤਾਰਨ। ਇਸ਼ਤਿਹਾਰ ਜ਼ੇਰ ਆਰਡਰ 5 ਰੂਲ 20 ਸੀ.ਪੀ.ਸੀ। ਤਾਰੀਖ ਪੇਸ਼ੀ 12-07-2024। ਅੱਜ ਮਿਤੀ 18-06-2024 ਨੂੰ ਮੇਰੇ ਦਸਤਖ਼ਤ ਅਤੇ ਮੋਹਰ ਅਦਾਲਤ ਨਾਲ ਜਾਰੀ ਹੋਇਆ।
ਪਬਲਿਕ ਨੋਟਿਸ
ਮੈਂ ਕਰਮਜੀਤ ਸਿੰਘ ਪੁੱਤਰ ਗੁਰਦੇਵ ਸਿੰਘ ਵਾਸੀ ਮਕਾਨ ਨੰਬਰ 8 ਬਾਬਾ ਦੀਪ ਸਿੰਘ ਨਗਰ ਨੂੰ ਸਟੇਟ ਬੈਂਕ ਆਫ ਇੰਡੀਆ ਦਾ ਲੋਨ ਖਾਤਾ ਨੰਬਰ 6466 ਮਿਤੀ 19.08.2003 ਨੂੰ ਜਾਰੀ ਹੋਇਆ ਸੀ। ਇਸ ਸਬੰਧੀ ਕਿਸੇ ਨੂੰ ਕੋਈ ਇਤਰਾਜ਼ ਹੋਵੇ ਤਾਂ ਬੈਂਕ ਸ਼ਾਖਾ ਨਾਲ 0175-2395624/2392128 ਤੇ ਸੰਪਰਕ ਕਰੇ। sbi.61078@sbi.co.in
Public Notice
It is brought to the notice of the General Public that Registered Sale Deed No. 1351 dated 13.08.1996 registered with the office of Sub Registrar, Zira has been reported lost. If any Bank/financial institution/person/ entity etc. have any claim for the said property, may inform the undersigned within 15 days from the publication of this notice, failing which no claim shall be entertained. Mrs. Reeta Rani W/o Mr. Kewal Krishan R/o Dhuri (Sangrur) who is current owner of said property, is availing loan from the said Bank after equitable mortgaging the said property with the Bank.
Branch Manager, Punjab and Sind Bank Dhuri
ਗੁੰਮਸ਼ੁਦਗੀ
ਮੈਂ ਜਸਬੀਰ ਕੌਰ ਪਤਨੀ ਮੋਹਣ ਸਿੰਘ ਵਾਸੀ ਪਿੰਡ ਭੈਣੀਆਂ ਵਾਲਾ ਤਹਿ: ਜ਼ੀਰਾ (ਫਿਰੋਜ਼ਪੁਰ) ਕਿਆਨ ਕਰਦੀ ਹਾਂ ਕਿ ਮੇਰੀ ਜ਼ਮੀਨ ਦੀ ਰਜਿਸਟਰੀ ਵਸੀਕਾ ਨੰ. 2985 ਮਿਤੀ 14-02-2017 ਕਿਤੇ ਗੁੰਮ ਹੋ ਗਈ ਹੈ। ਜਿਸ ਕਿਸੇ ਨੂੰ ਮਿਲੇ ਉਹ ਹੇਠ ਲਿਖੇ ਪਤੇ ਤੇ ਸੰਪਰਕ ਕਰੇ ਜੀ। ਫੋਨ ਨੰ. 94170-16542 ਤੇ ਸੰਪਰਕ ਕਰਨ।
ਇਸ਼ਤਿਹਾਰਾਂ ਸੰਬੰਧੀ ਜ਼ਰੂਰੀ ਬੇਨਤੀ
'ਅਦਾਰਾ ਪਹਿਰੇਦਾਰ' ਵੱਲੋਂ ਪ੍ਰਕਾਸ਼ਿਤ ਕੀਤੇ ਜਾਂਦੇ ਇਸ਼ਤਿਹਾਰਾਂ ਦੀ ਜਾਣਕਾਰੀ ਦੀ ਜ਼ਿੰਮੇਵਾਰੀ ਇਸ਼ਤਿਹਾਰ ਦੇਣ ਵਾਲੇ ਦੀ ਹੋਵੇਗੀ। ਅਦਾਰਾ ਇਸ ਲਈ ਜ਼ਿੰਮੇਵਾਰ ਨਹੀਂ ਹੋਵੇਗਾ। ਮੈਨੇਜਰ
ਇਸ਼ਤਿਹਾਰ ਅਤੇ ਕਲਾਸੀਫਾਈਡ ਕੇਵਲ ਅਦਾਰਾ 'ਪਹਿਰੇਦਾਰ' ਦੀ ਈ-ਮੇਲ	rozanapehredaradvt@gmail.com
'ਤੇ ਹੀ ਭੇਜੇ ਜਾਣ।
